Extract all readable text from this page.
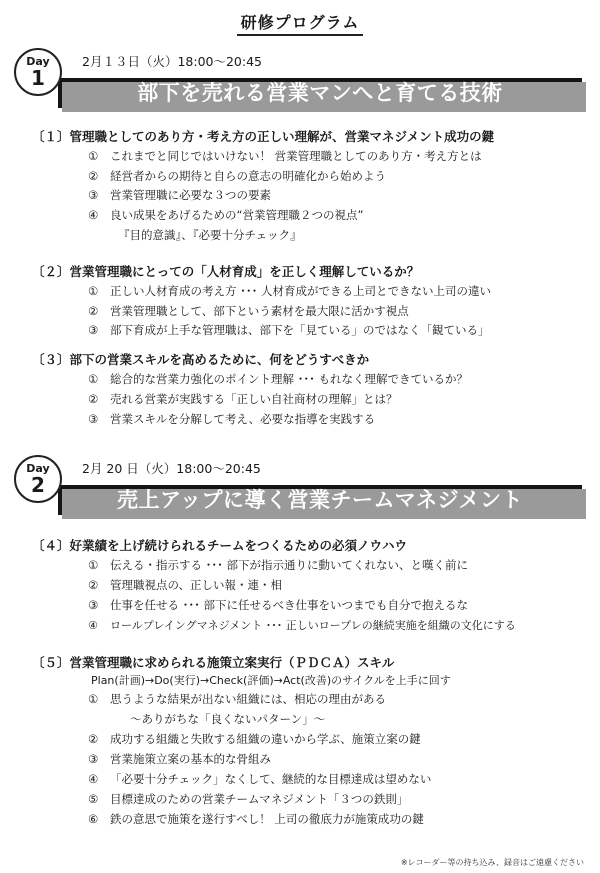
研修プログラム
Day
1
2月１３日（火）18:00〜20:45
部下を売れる営業マンへと育てる技術
〔１〕管理職としてのあり方・考え方の正しい理解が、営業マネジメント成功の鍵
① これまでと同じではいけない！ 営業管理職としてのあり方・考え方とは
② 経営者からの期待と自らの意志の明確化から始めよう
③ 営業管理職に必要な３つの要素
④ 良い成果をあげるための“営業管理職２つの視点”
『目的意識』、『必要十分チェック』
〔２〕営業管理職にとっての「人材育成」を正しく理解しているか？
① 正しい人材育成の考え方 ･･･ 人材育成ができる上司とできない上司の違い
② 営業管理職として、部下という素材を最大限に活かす視点
③ 部下育成が上手な管理職は、部下を「見ている」のではなく「観ている」
〔３〕部下の営業スキルを高めるために、何をどうすべきか
① 総合的な営業力強化のポイント理解 ･･･ もれなく理解できているか？
② 売れる営業が実践する「正しい自社商材の理解」とは？
③ 営業スキルを分解して考え、必要な指導を実践する
Day
2
2月 20 日（火）18:00〜20:45
売上アップに導く営業チームマネジメント
〔４〕好業績を上げ続けられるチームをつくるための必須ノウハウ
① 伝える・指示する ･･･ 部下が指示通りに動いてくれない、と嘆く前に
② 管理職視点の、正しい報・連・相
③ 仕事を任せる ･･･ 部下に任せるべき仕事をいつまでも自分で抱えるな
④ ロールプレイングマネジメント ･･･ 正しいロープレの継続実施を組織の文化にする
〔５〕営業管理職に求められる施策立案実行（ＰＤＣＡ）スキル
Plan(計画)→Do(実行)→Check(評価)→Act(改善)のサイクルを上手に回す
① 思うような結果が出ない組織には、相応の理由がある
〜ありがちな「良くないパターン」〜
② 成功する組織と失敗する組織の違いから学ぶ、施策立案の鍵
③ 営業施策立案の基本的な骨組み
④ 「必要十分チェック」なくして、継続的な目標達成は望めない
⑤ 目標達成のための営業チームマネジメント「３つの鉄則」
⑥ 鉄の意思で施策を遂行すべし！ 上司の徹底力が施策成功の鍵
※レコーダー等の持ち込み、録音はご遠慮ください
